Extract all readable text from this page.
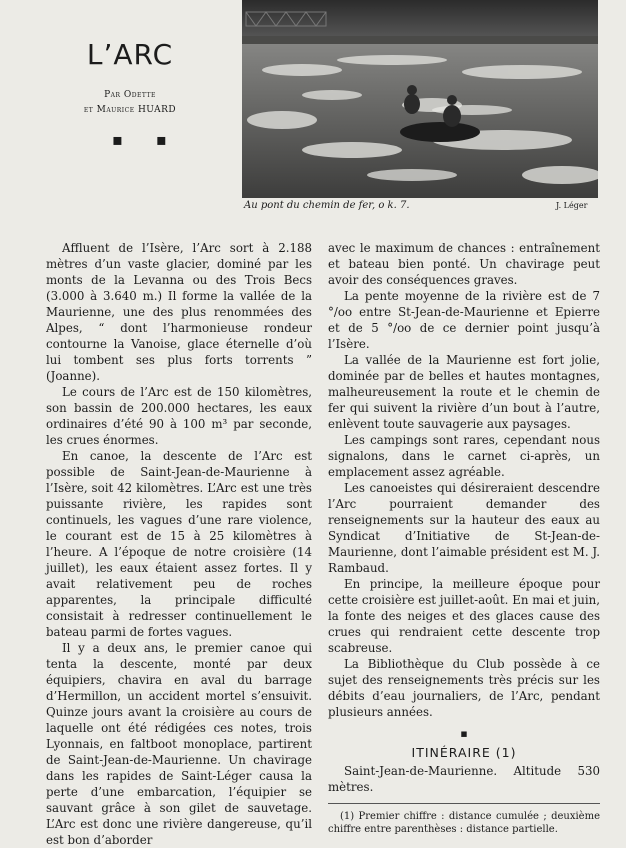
L’ARC
Par Odette
et Maurice HUARD
▪ ▪
Au pont du chemin de fer, o k. 7.	J. Léger

Affluent de l’Isère, l’Arc sort à 2.188 mètres d’un vaste glacier, dominé par les monts de la Levanna ou des Trois Becs (3.000 à 3.640 m.) Il forme la vallée de la Maurienne, une des plus renommées des Alpes, “ dont l’harmonieuse rondeur contourne la Vanoise, glace éternelle d’où lui tombent ses plus forts torrents ” (Joanne).

Le cours de l’Arc est de 150 kilomètres, son bassin de 200.000 hectares, les eaux ordinaires d’été 90 à 100 m³ par seconde, les crues énormes.

En canoe, la descente de l’Arc est possible de Saint-Jean-de-Maurienne à l’Isère, soit 42 kilomètres. L’Arc est une très puissante rivière, les rapides sont continuels, les vagues d’une rare violence, le courant est de 15 à 25 kilomètres à l’heure. A l’époque de notre croisière (14 juillet), les eaux étaient assez fortes. Il y avait relativement peu de roches apparentes, la principale difficulté consistait à redresser continuellement le bateau parmi de fortes vagues.

Il y a deux ans, le premier canoe qui tenta la descente, monté par deux équipiers, chavira en aval du barrage d’Hermillon, un accident mortel s’ensuivit. Quinze jours avant la croisière au cours de laquelle ont été rédigées ces notes, trois Lyonnais, en faltboot monoplace, partirent de Saint-Jean-de-Maurienne. Un chavirage dans les rapides de Saint-Léger causa la perte d’une embarcation, l’équipier se sauvant grâce à son gilet de sauvetage. L’Arc est donc une rivière dangereuse, qu’il est bon d’aborder

avec le maximum de chances : entraînement et bateau bien ponté. Un chavirage peut avoir des conséquences graves.

La pente moyenne de la rivière est de 7 °/oo entre St-Jean-de-Maurienne et Epierre et de 5 °/oo de ce dernier point jusqu’à l’Isère.

La vallée de la Maurienne est fort jolie, dominée par de belles et hautes montagnes, malheureusement la route et le chemin de fer qui suivent la rivière d’un bout à l’autre, enlèvent toute sauvagerie aux paysages.

Les campings sont rares, cependant nous signalons, dans le carnet ci-après, un emplacement assez agréable.

Les canoeistes qui désireraient descendre l’Arc pourraient demander des renseignements sur la hauteur des eaux au Syndicat d’Initiative de St-Jean-de-Maurienne, dont l’aimable président est M. J. Rambaud.

En principe, la meilleure époque pour cette croisière est juillet-août. En mai et juin, la fonte des neiges et des glaces cause des crues qui rendraient cette descente trop scabreuse.

La Bibliothèque du Club possède à ce sujet des renseignements très précis sur les débits d’eau journaliers, de l’Arc, pendant plusieurs années.

▪
ITINÉRAIRE (1)

Saint-Jean-de-Maurienne. Altitude 530 mètres.

(1) Premier chiffre : distance cumulée ; deuxième chiffre entre parenthèses : distance partielle.
